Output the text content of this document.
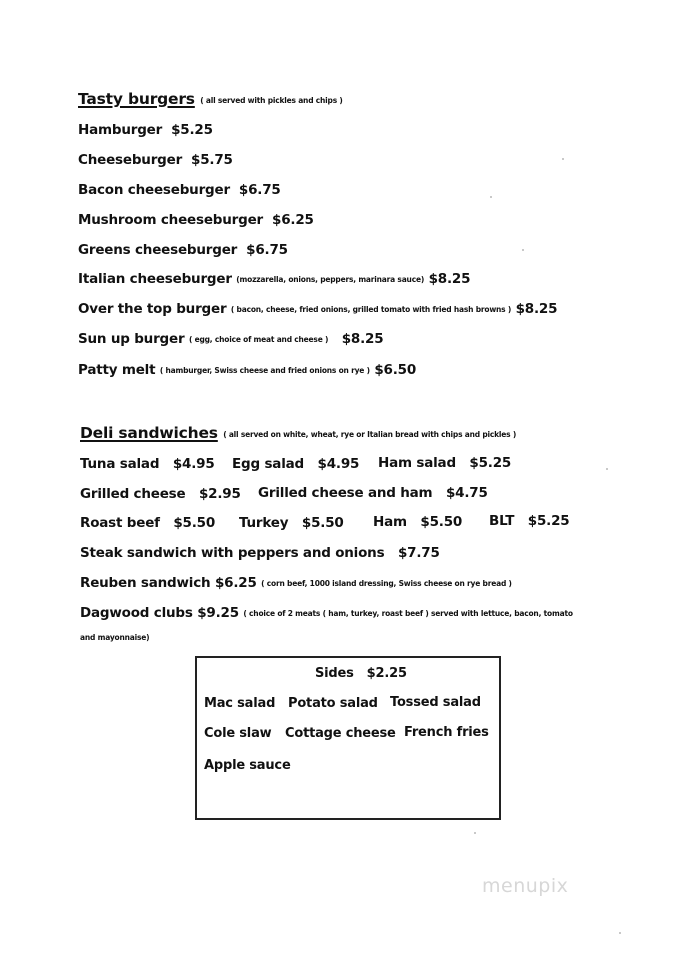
Tasty burgers ( all served with pickles and chips )
Hamburger $5.25
Cheeseburger $5.75
Bacon cheeseburger $6.75
Mushroom cheeseburger $6.25
Greens cheeseburger $6.75
Italian cheeseburger (mozzarella, onions, peppers, marinara sauce) $8.25
Over the top burger ( bacon, cheese, fried onions, grilled tomato with fried hash browns ) $8.25
Sun up burger ( egg, choice of meat and cheese ) $8.25
Patty melt ( hamburger, Swiss cheese and fried onions on rye ) $6.50
Deli sandwiches ( all served on white, wheat, rye or Italian bread with chips and pickles )
Tuna salad $4.95 Egg salad $4.95 Ham salad $5.25
Grilled cheese $2.95 Grilled cheese and ham $4.75
Roast beef $5.50 Turkey $5.50 Ham $5.50 BLT $5.25
Steak sandwich with peppers and onions $7.75
Reuben sandwich $6.25 ( corn beef, 1000 island dressing, Swiss cheese on rye bread )
Dagwood clubs $9.25 ( choice of 2 meats ( ham, turkey, roast beef ) served with lettuce, bacon, tomato
and mayonnaise)
Sides $2.25
Mac salad Potato salad Tossed salad
Cole slaw Cottage cheese French fries
Apple sauce
menupix
